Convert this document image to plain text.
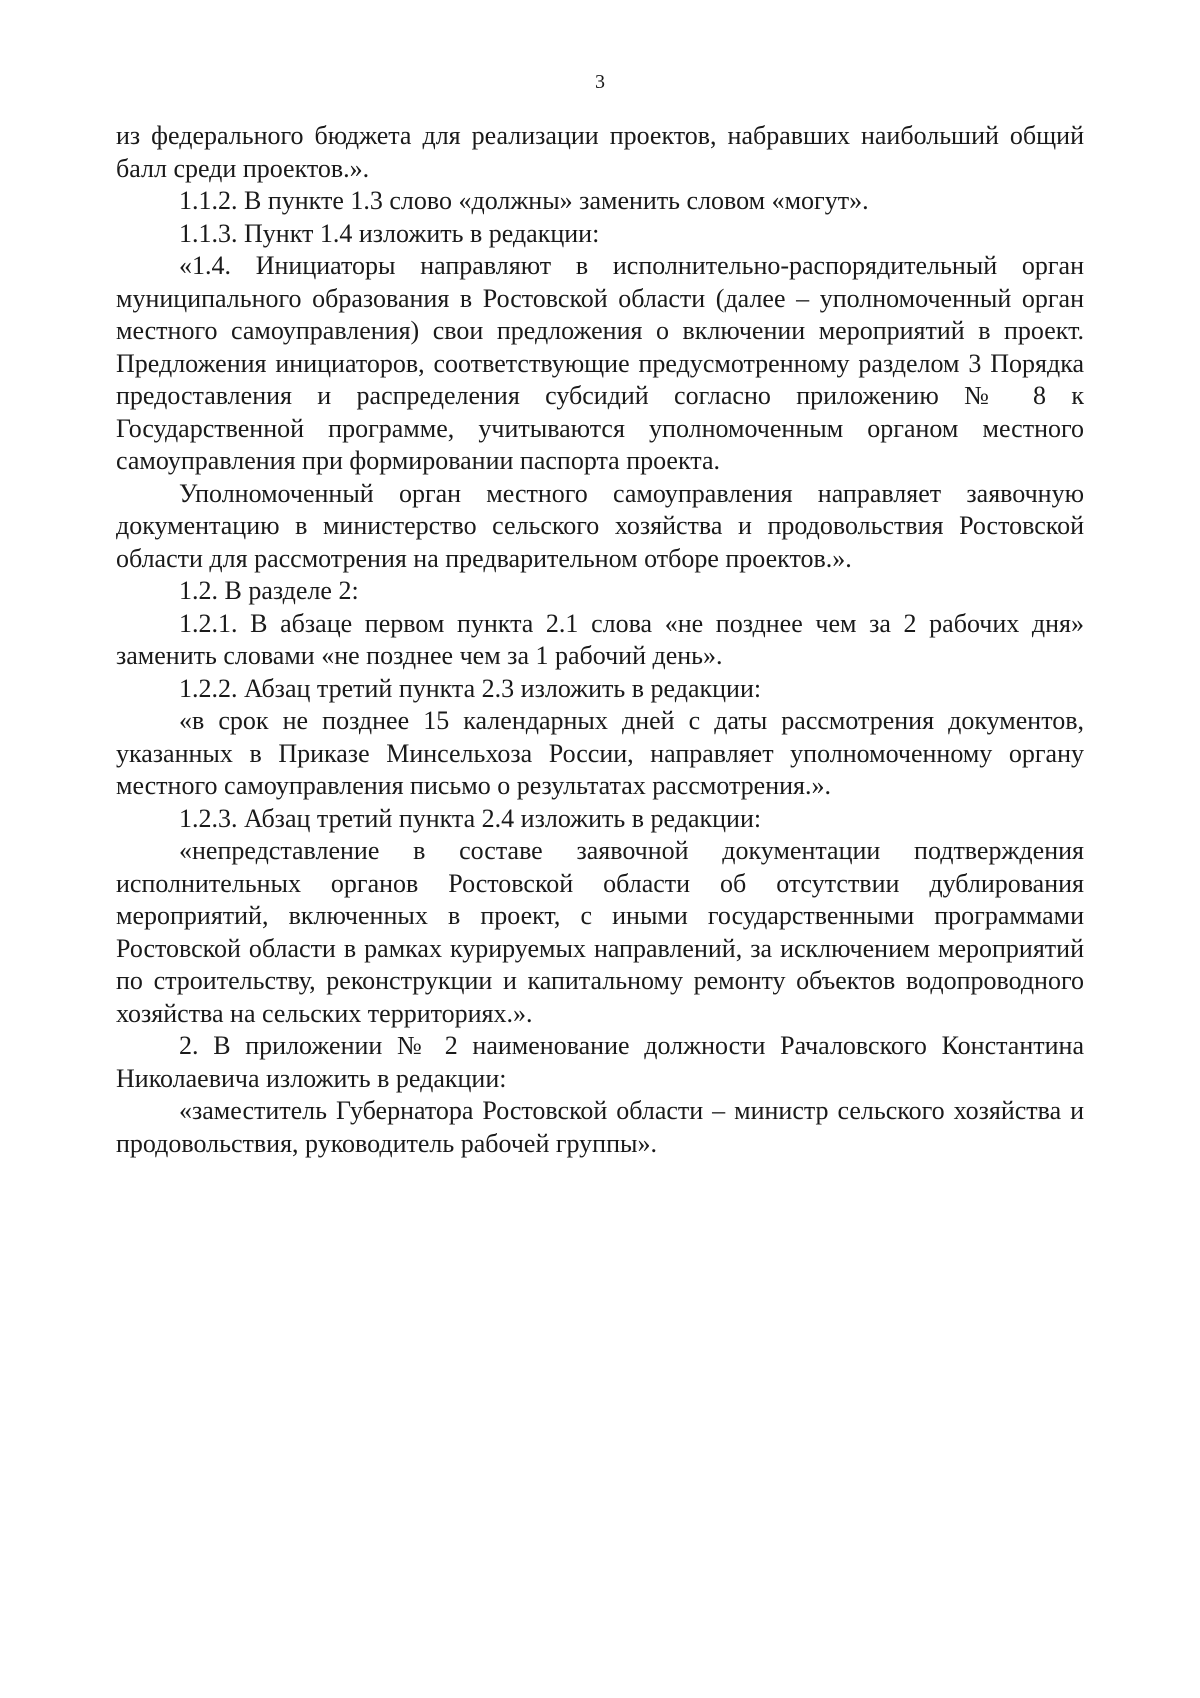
3

из федерального бюджета для реализации проектов, набравших наибольший общий балл среди проектов.».

1.1.2. В пункте 1.3 слово «должны» заменить словом «могут».

1.1.3. Пункт 1.4 изложить в редакции:

«1.4. Инициаторы направляют в исполнительно-распорядительный орган муниципального образования в Ростовской области (далее – уполномоченный орган местного самоуправления) свои предложения о включении мероприятий в проект. Предложения инициаторов, соответствующие предусмотренному разделом 3 Порядка предоставления и распределения субсидий согласно приложению № 8 к Государственной программе, учитываются уполномоченным органом местного самоуправления при формировании паспорта проекта.

Уполномоченный орган местного самоуправления направляет заявочную документацию в министерство сельского хозяйства и продовольствия Ростовской области для рассмотрения на предварительном отборе проектов.».

1.2. В разделе 2:

1.2.1. В абзаце первом пункта 2.1 слова «не позднее чем за 2 рабочих дня» заменить словами «не позднее чем за 1 рабочий день».

1.2.2. Абзац третий пункта 2.3 изложить в редакции:

«в срок не позднее 15 календарных дней с даты рассмотрения документов, указанных в Приказе Минсельхоза России, направляет уполномоченному органу местного самоуправления письмо о результатах рассмотрения.».

1.2.3. Абзац третий пункта 2.4 изложить в редакции:

«непредставление в составе заявочной документации подтверждения исполнительных органов Ростовской области об отсутствии дублирования мероприятий, включенных в проект, с иными государственными программами Ростовской области в рамках курируемых направлений, за исключением мероприятий по строительству, реконструкции и капитальному ремонту объектов водопроводного хозяйства на сельских территориях.».

2. В приложении № 2 наименование должности Рачаловского Константина Николаевича изложить в редакции:

«заместитель Губернатора Ростовской области – министр сельского хозяйства и продовольствия, руководитель рабочей группы».
